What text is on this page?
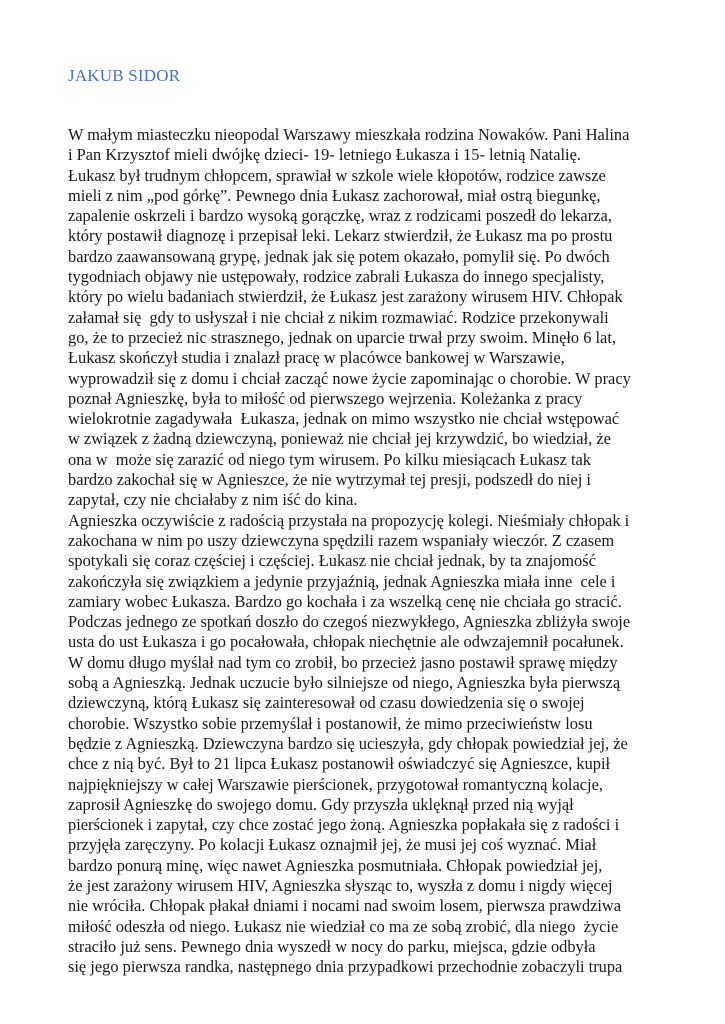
JAKUB SIDOR
W małym miasteczku nieopodal Warszawy mieszkała rodzina Nowaków. Pani Halina
i Pan Krzysztof mieli dwójkę dzieci- 19- letniego Łukasza i 15- letnią Natalię.
Łukasz był trudnym chłopcem, sprawiał w szkole wiele kłopotów, rodzice zawsze
mieli z nim „pod górkę”. Pewnego dnia Łukasz zachorował, miał ostrą biegunkę,
zapalenie oskrzeli i bardzo wysoką gorączkę, wraz z rodzicami poszedł do lekarza,
który postawił diagnozę i przepisał leki. Lekarz stwierdził, że Łukasz ma po prostu
bardzo zaawansowaną grypę, jednak jak się potem okazało, pomylił się. Po dwóch
tygodniach objawy nie ustępowały, rodzice zabrali Łukasza do innego specjalisty,
który po wielu badaniach stwierdził, że Łukasz jest zarażony wirusem HIV. Chłopak
załamał się  gdy to usłyszał i nie chciał z nikim rozmawiać. Rodzice przekonywali
go, że to przecież nic strasznego, jednak on uparcie trwał przy swoim. Minęło 6 lat,
Łukasz skończył studia i znalazł pracę w placówce bankowej w Warszawie,
wyprowadził się z domu i chciał zacząć nowe życie zapominając o chorobie. W pracy
poznał Agnieszkę, była to miłość od pierwszego wejrzenia. Koleżanka z pracy
wielokrotnie zagadywała  Łukasza, jednak on mimo wszystko nie chciał wstępować
w związek z żadną dziewczyną, ponieważ nie chciał jej krzywdzić, bo wiedział, że
ona w  może się zarazić od niego tym wirusem. Po kilku miesiącach Łukasz tak
bardzo zakochał się w Agnieszce, że nie wytrzymał tej presji, podszedł do niej i
zapytał, czy nie chciałaby z nim iść do kina.
Agnieszka oczywiście z radością przystała na propozycję kolegi. Nieśmiały chłopak i
zakochana w nim po uszy dziewczyna spędzili razem wspaniały wieczór. Z czasem
spotykali się coraz częściej i częściej. Łukasz nie chciał jednak, by ta znajomość
zakończyła się związkiem a jedynie przyjaźnią, jednak Agnieszka miała inne  cele i
zamiary wobec Łukasza. Bardzo go kochała i za wszelką cenę nie chciała go stracić.
Podczas jednego ze spotkań doszło do czegoś niezwykłego, Agnieszka zbliżyła swoje
usta do ust Łukasza i go pocałowała, chłopak niechętnie ale odwzajemnił pocałunek.
W domu długo myślał nad tym co zrobił, bo przecież jasno postawił sprawę między
sobą a Agnieszką. Jednak uczucie było silniejsze od niego, Agnieszka była pierwszą
dziewczyną, którą Łukasz się zainteresował od czasu dowiedzenia się o swojej
chorobie. Wszystko sobie przemyślał i postanowił, że mimo przeciwieństw losu
będzie z Agnieszką. Dziewczyna bardzo się ucieszyła, gdy chłopak powiedział jej, że
chce z nią być. Był to 21 lipca Łukasz postanowił oświadczyć się Agnieszce, kupił
najpiękniejszy w całej Warszawie pierścionek, przygotował romantyczną kolacje,
zaprosił Agnieszkę do swojego domu. Gdy przyszła uklęknął przed nią wyjął
pierścionek i zapytał, czy chce zostać jego żoną. Agnieszka popłakała się z radości i
przyjęła zaręczyny. Po kolacji Łukasz oznajmił jej, że musi jej coś wyznać. Miał
bardzo ponurą minę, więc nawet Agnieszka posmutniała. Chłopak powiedział jej,
że jest zarażony wirusem HIV, Agnieszka słysząc to, wyszła z domu i nigdy więcej
nie wróciła. Chłopak płakał dniami i nocami nad swoim losem, pierwsza prawdziwa
miłość odeszła od niego. Łukasz nie wiedział co ma ze sobą zrobić, dla niego  życie
straciło już sens. Pewnego dnia wyszedł w nocy do parku, miejsca, gdzie odbyła
się jego pierwsza randka, następnego dnia przypadkowi przechodnie zobaczyli trupa
